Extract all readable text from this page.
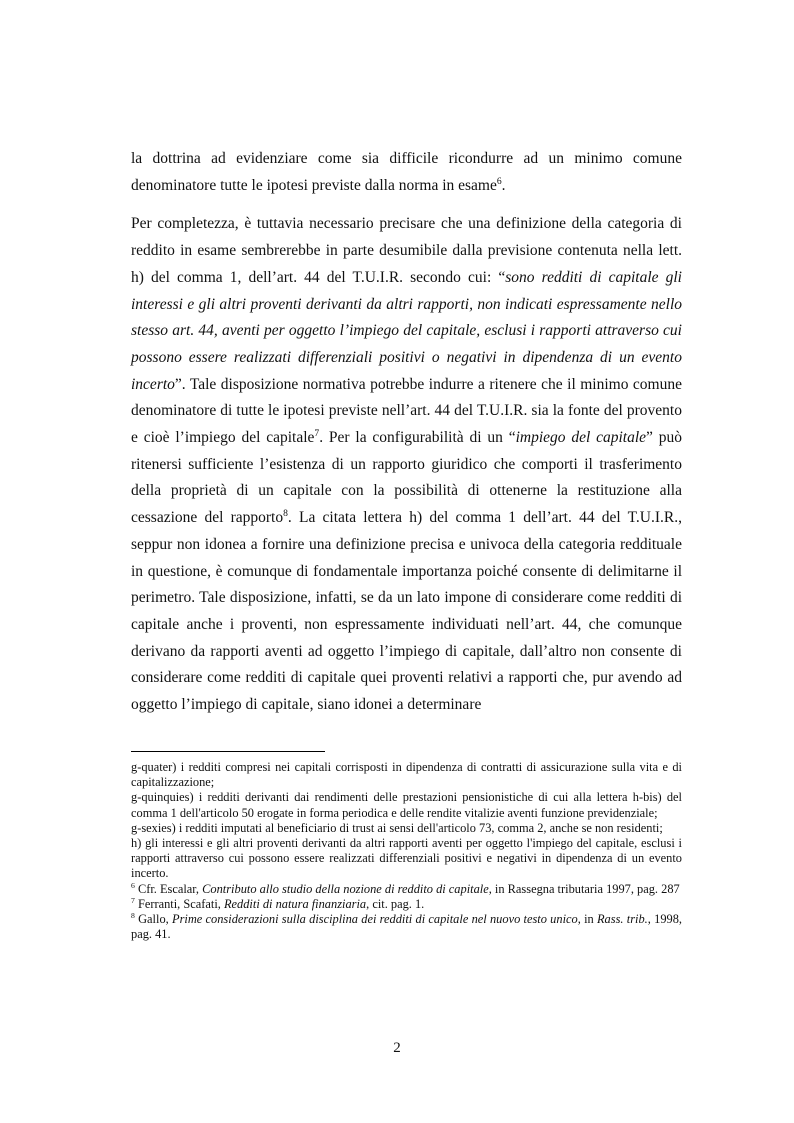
la dottrina ad evidenziare come sia difficile ricondurre ad un minimo comune denominatore tutte le ipotesi previste dalla norma in esame$^6$.

Per completezza, è tuttavia necessario precisare che una definizione della categoria di reddito in esame sembrerebbe in parte desumibile dalla previsione contenuta nella lett. h) del comma 1, dell’art. 44 del T.U.I.R. secondo cui: “sono redditi di capitale gli interessi e gli altri proventi derivanti da altri rapporti, non indicati espressamente nello stesso art. 44, aventi per oggetto l’impiego del capitale, esclusi i rapporti attraverso cui possono essere realizzati differenziali positivi o negativi in dipendenza di un evento incerto”. Tale disposizione normativa potrebbe indurre a ritenere che il minimo comune denominatore di tutte le ipotesi previste nell’art. 44 del T.U.I.R. sia la fonte del provento e cioè l’impiego del capitale$^7$. Per la configurabilità di un “impiego del capitale” può ritenersi sufficiente l’esistenza di un rapporto giuridico che comporti il trasferimento della proprietà di un capitale con la possibilità di ottenerne la restituzione alla cessazione del rapporto$^8$. La citata lettera h) del comma 1 dell’art. 44 del T.U.I.R., seppur non idonea a fornire una definizione precisa e univoca della categoria reddituale in questione, è comunque di fondamentale importanza poiché consente di delimitarne il perimetro. Tale disposizione, infatti, se da un lato impone di considerare come redditi di capitale anche i proventi, non espressamente individuati nell’art. 44, che comunque derivano da rapporti aventi ad oggetto l’impiego di capitale, dall’altro non consente di considerare come redditi di capitale quei proventi relativi a rapporti che, pur avendo ad oggetto l’impiego di capitale, siano idonei a determinare

g-quater) i redditi compresi nei capitali corrisposti in dipendenza di contratti di assicurazione sulla vita e di capitalizzazione;

g-quinquies) i redditi derivanti dai rendimenti delle prestazioni pensionistiche di cui alla lettera h-bis) del comma 1 dell'articolo 50 erogate in forma periodica e delle rendite vitalizie aventi funzione previdenziale;

g-sexies) i redditi imputati al beneficiario di trust ai sensi dell'articolo 73, comma 2, anche se non residenti;

h) gli interessi e gli altri proventi derivanti da altri rapporti aventi per oggetto l'impiego del capitale, esclusi i rapporti attraverso cui possono essere realizzati differenziali positivi e negativi in dipendenza di un evento incerto.

$^6$ Cfr. Escalar, Contributo allo studio della nozione di reddito di capitale, in Rassegna tributaria 1997, pag. 287

$^7$ Ferranti, Scafati, Redditi di natura finanziaria, cit. pag. 1.

$^8$ Gallo, Prime considerazioni sulla disciplina dei redditi di capitale nel nuovo testo unico, in Rass. trib., 1998, pag. 41.

2
